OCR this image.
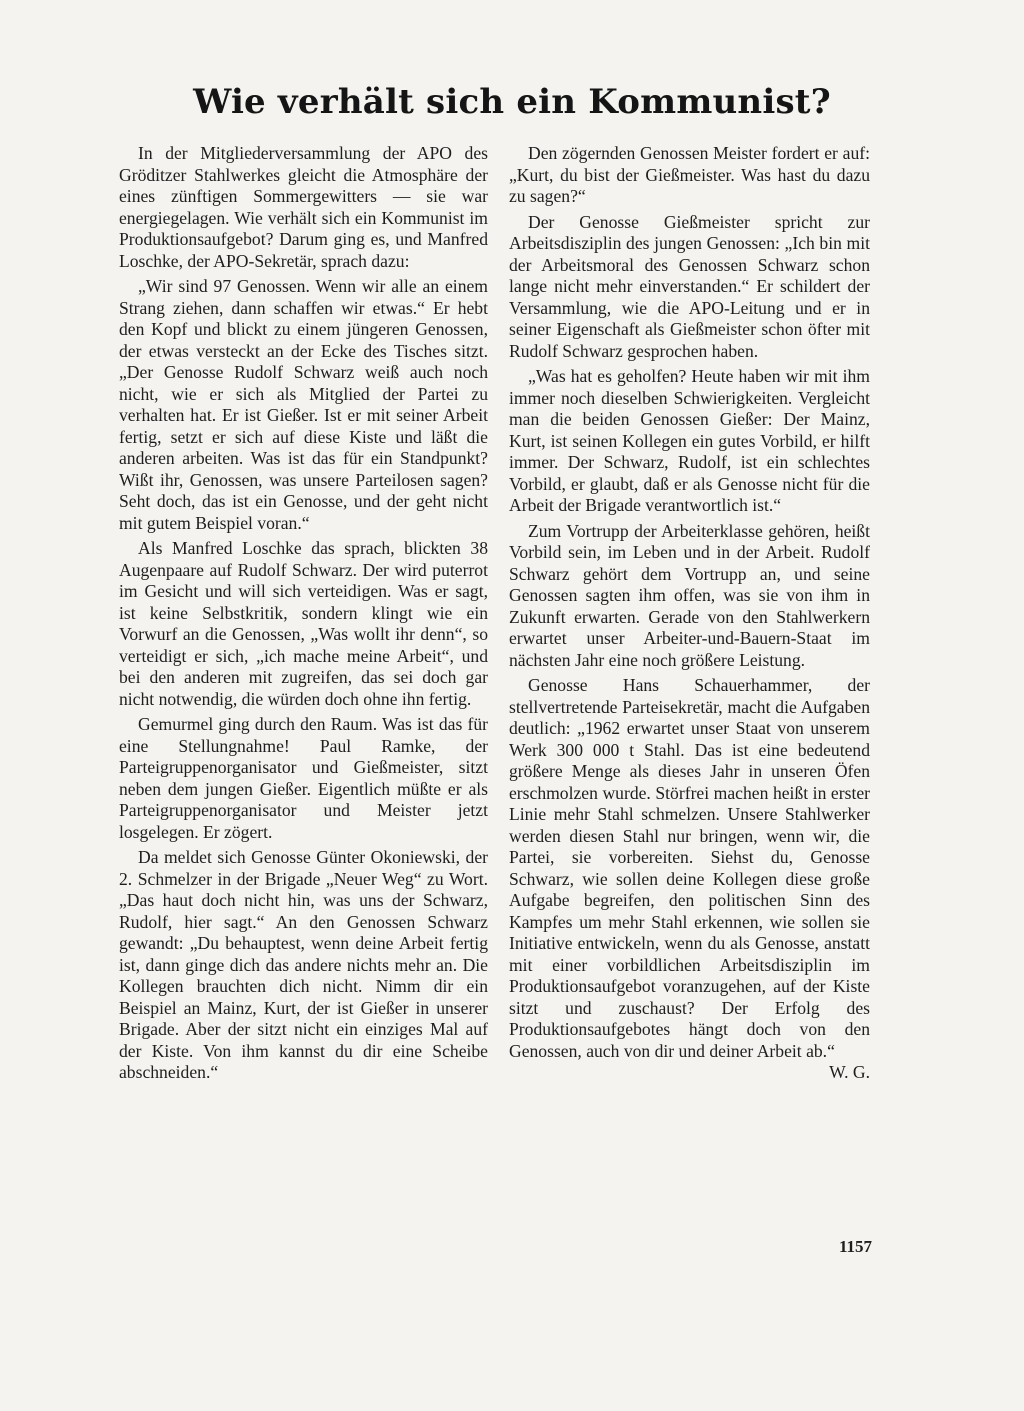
Wie verhält sich ein Kommunist?

In der Mitgliederversammlung der APO des Gröditzer Stahlwerkes gleicht die Atmosphäre der eines zünftigen Sommergewitters — sie war energiegelagen. Wie verhält sich ein Kommunist im Produktionsaufgebot? Darum ging es, und Manfred Loschke, der APO-Sekretär, sprach dazu:

„Wir sind 97 Genossen. Wenn wir alle an einem Strang ziehen, dann schaffen wir etwas.“ Er hebt den Kopf und blickt zu einem jüngeren Genossen, der etwas versteckt an der Ecke des Tisches sitzt. „Der Genosse Rudolf Schwarz weiß auch noch nicht, wie er sich als Mitglied der Partei zu verhalten hat. Er ist Gießer. Ist er mit seiner Arbeit fertig, setzt er sich auf diese Kiste und läßt die anderen arbeiten. Was ist das für ein Standpunkt? Wißt ihr, Genossen, was unsere Parteilosen sagen? Seht doch, das ist ein Genosse, und der geht nicht mit gutem Beispiel voran.“

Als Manfred Loschke das sprach, blickten 38 Augenpaare auf Rudolf Schwarz. Der wird puterrot im Gesicht und will sich verteidigen. Was er sagt, ist keine Selbstkritik, sondern klingt wie ein Vorwurf an die Genossen, „Was wollt ihr denn“, so verteidigt er sich, „ich mache meine Arbeit“, und bei den anderen mit zugreifen, das sei doch gar nicht notwendig, die würden doch ohne ihn fertig.

Gemurmel ging durch den Raum. Was ist das für eine Stellungnahme! Paul Ramke, der Parteigruppenorganisator und Gießmeister, sitzt neben dem jungen Gießer. Eigentlich müßte er als Parteigruppenorganisator und Meister jetzt losgelegen. Er zögert.

Da meldet sich Genosse Günter Okoniewski, der 2. Schmelzer in der Brigade „Neuer Weg“ zu Wort. „Das haut doch nicht hin, was uns der Schwarz, Rudolf, hier sagt.“ An den Genossen Schwarz gewandt: „Du behauptest, wenn deine Arbeit fertig ist, dann ginge dich das andere nichts mehr an. Die Kollegen brauchten dich nicht. Nimm dir ein Beispiel an Mainz, Kurt, der ist Gießer in unserer Brigade. Aber der sitzt nicht ein einziges Mal auf der Kiste. Von ihm kannst du dir eine Scheibe abschneiden.“

Den zögernden Genossen Meister fordert er auf: „Kurt, du bist der Gießmeister. Was hast du dazu zu sagen?“

Der Genosse Gießmeister spricht zur Arbeitsdisziplin des jungen Genossen: „Ich bin mit der Arbeitsmoral des Genossen Schwarz schon lange nicht mehr einverstanden.“ Er schildert der Versammlung, wie die APO-Leitung und er in seiner Eigenschaft als Gießmeister schon öfter mit Rudolf Schwarz gesprochen haben.

„Was hat es geholfen? Heute haben wir mit ihm immer noch dieselben Schwierigkeiten. Vergleicht man die beiden Genossen Gießer: Der Mainz, Kurt, ist seinen Kollegen ein gutes Vorbild, er hilft immer. Der Schwarz, Rudolf, ist ein schlechtes Vorbild, er glaubt, daß er als Genosse nicht für die Arbeit der Brigade verantwortlich ist.“

Zum Vortrupp der Arbeiterklasse gehören, heißt Vorbild sein, im Leben und in der Arbeit. Rudolf Schwarz gehört dem Vortrupp an, und seine Genossen sagten ihm offen, was sie von ihm in Zukunft erwarten. Gerade von den Stahlwerkern erwartet unser Arbeiter-und-Bauern-Staat im nächsten Jahr eine noch größere Leistung.

Genosse Hans Schauerhammer, der stellvertretende Parteisekretär, macht die Aufgaben deutlich: „1962 erwartet unser Staat von unserem Werk 300 000 t Stahl. Das ist eine bedeutend größere Menge als dieses Jahr in unseren Öfen erschmolzen wurde. Störfrei machen heißt in erster Linie mehr Stahl schmelzen. Unsere Stahlwerker werden diesen Stahl nur bringen, wenn wir, die Partei, sie vorbereiten. Siehst du, Genosse Schwarz, wie sollen deine Kollegen diese große Aufgabe begreifen, den politischen Sinn des Kampfes um mehr Stahl erkennen, wie sollen sie Initiative entwickeln, wenn du als Genosse, anstatt mit einer vorbildlichen Arbeitsdisziplin im Produktionsaufgebot voranzugehen, auf der Kiste sitzt und zuschaust? Der Erfolg des Produktionsaufgebotes hängt doch von den Genossen, auch von dir und deiner Arbeit ab.“
W. G.

1157
